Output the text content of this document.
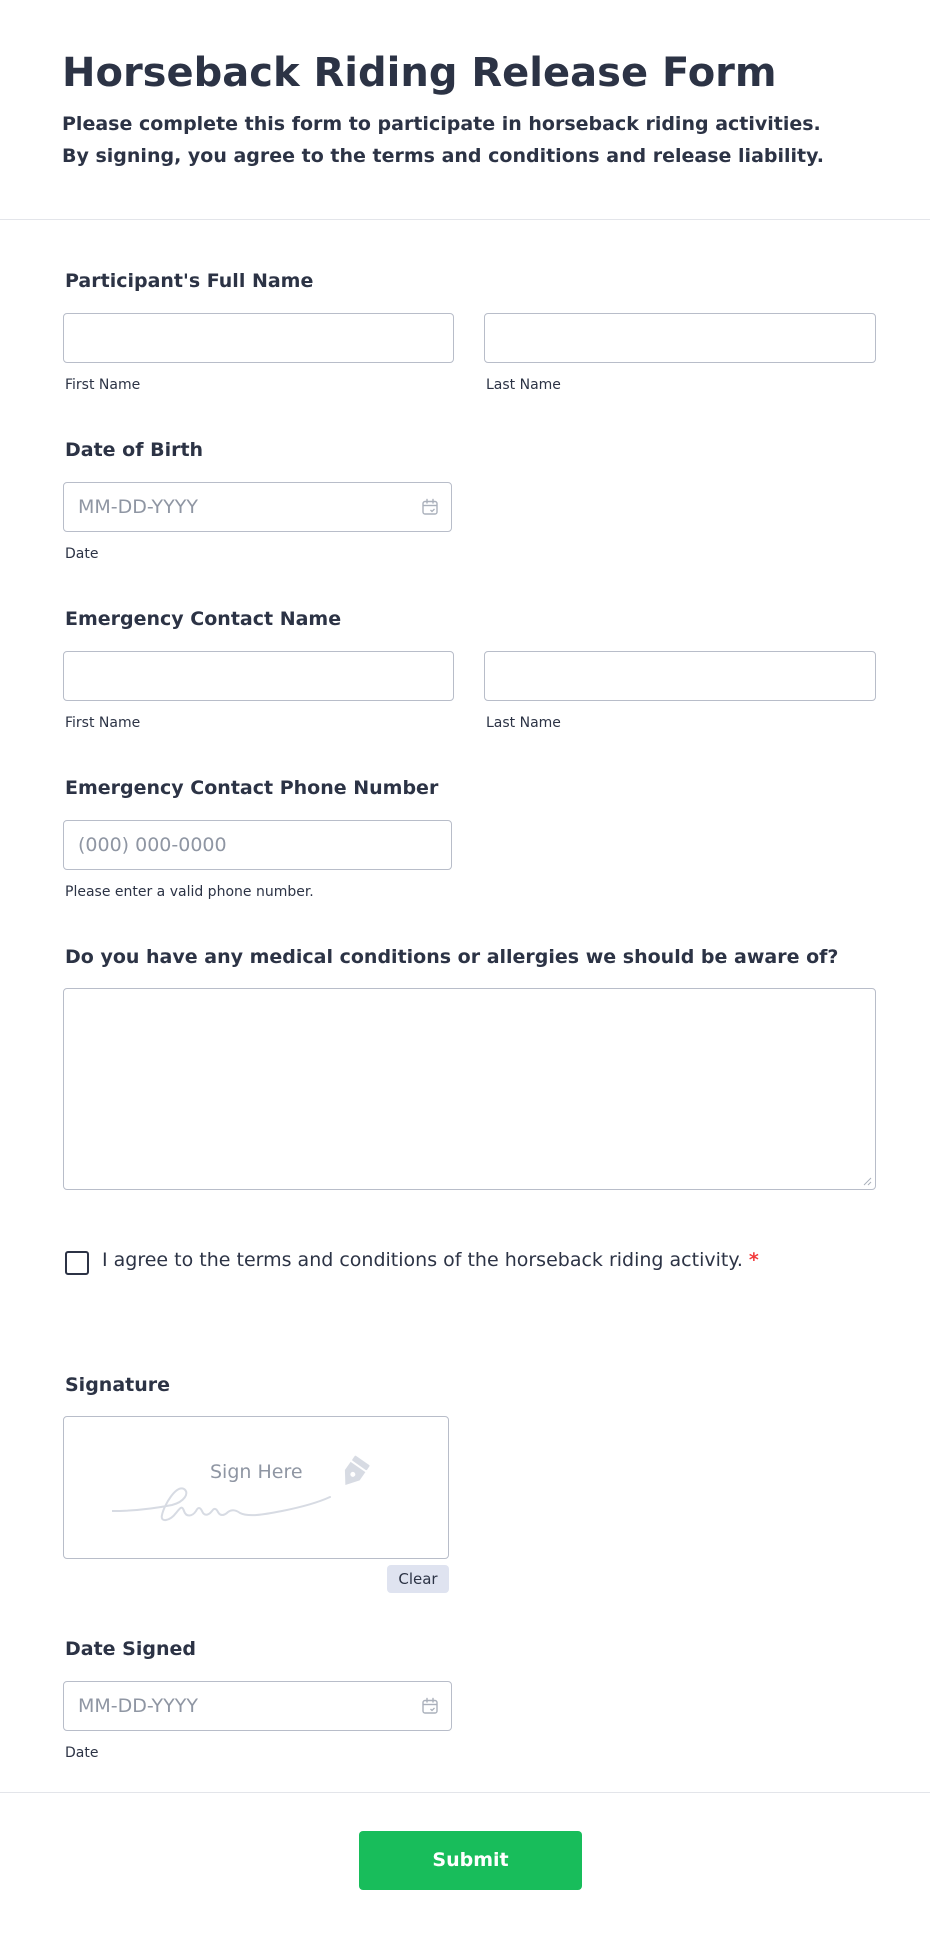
Horseback Riding Release Form

Please complete this form to participate in horseback riding activities. By signing, you agree to the terms and conditions and release liability.

Participant's Full Name
First Name	Last Name
Date of Birth
MM-DD-YYYY
Date
Emergency Contact Name
First Name	Last Name
Emergency Contact Phone Number
(000) 000-0000
Please enter a valid phone number.
Do you have any medical conditions or allergies we should be aware of?
I agree to the terms and conditions of the horseback riding activity. *
Signature
Sign Here
Clear
Date Signed
MM-DD-YYYY
Date
Submit
